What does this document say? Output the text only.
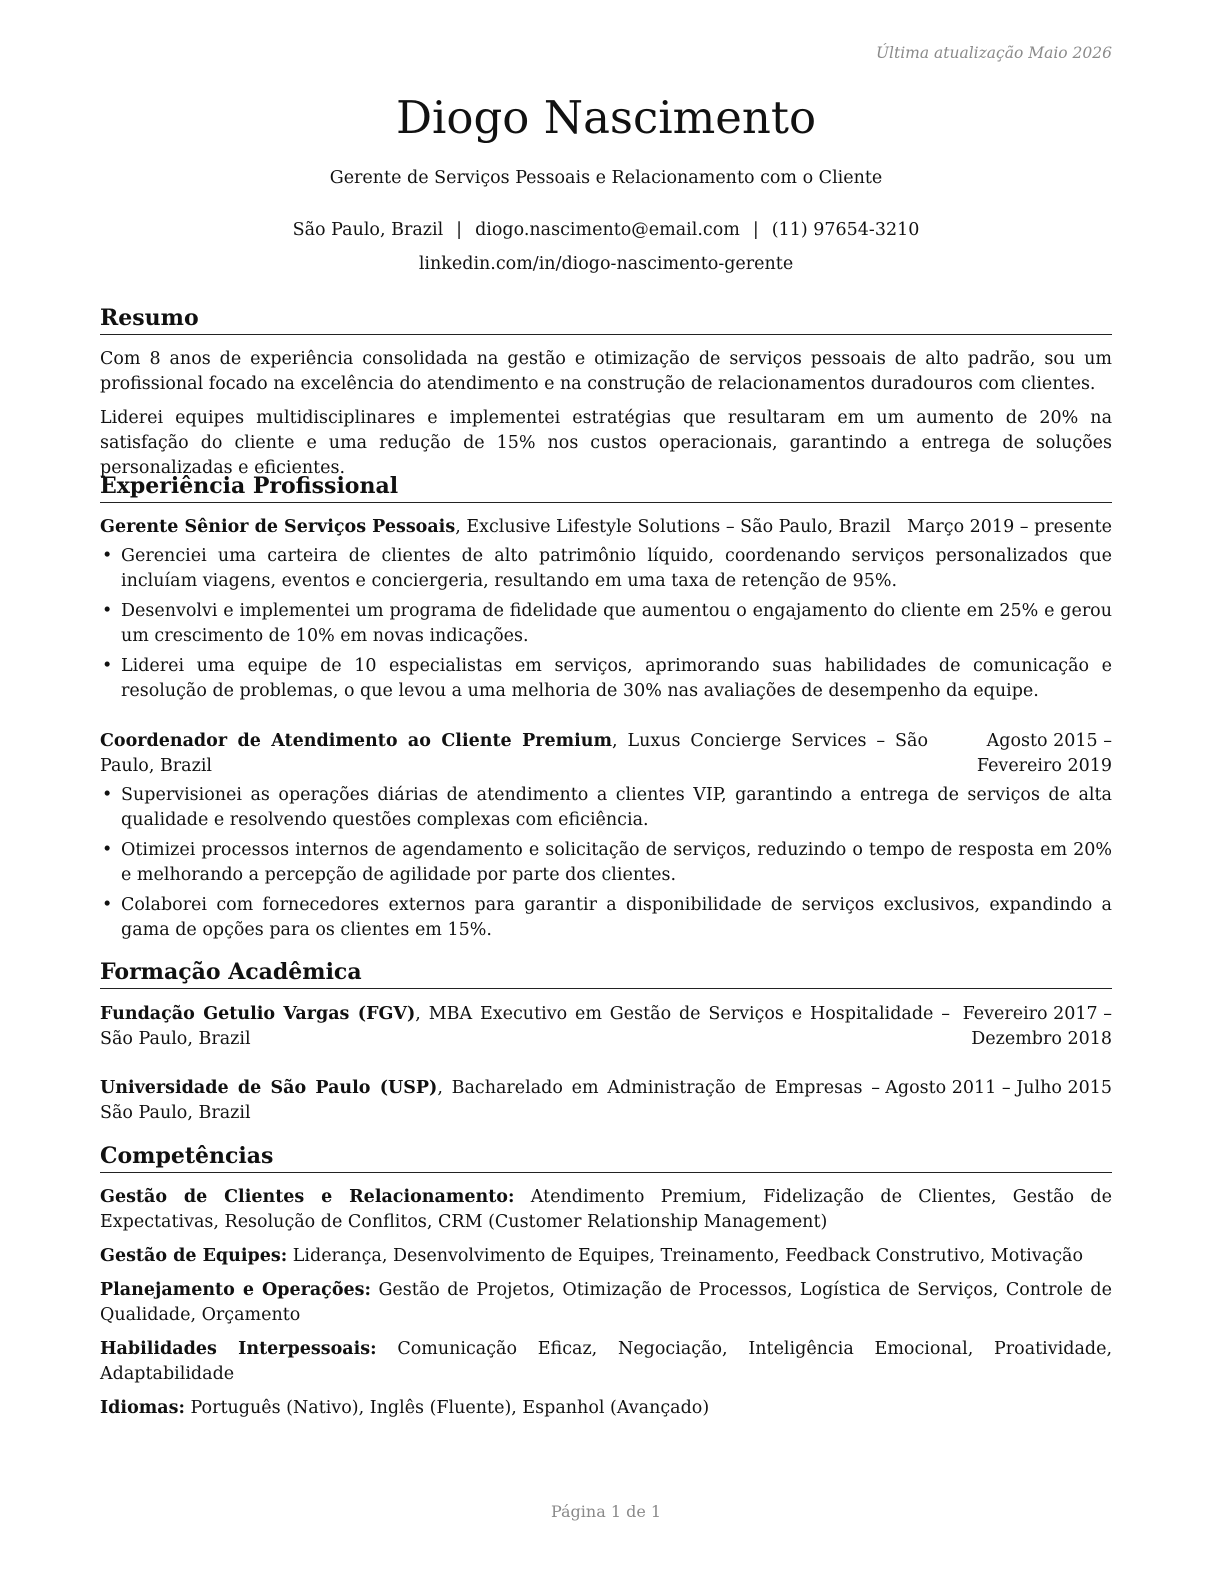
Última atualização Maio 2026
Diogo Nascimento
Gerente de Serviços Pessoais e Relacionamento com o Cliente
São Paulo, Brazil | diogo.nascimento@email.com | (11) 97654-3210
linkedin.com/in/diogo-nascimento-gerente
Resumo

Com 8 anos de experiência consolidada na gestão e otimização de serviços pessoais de alto padrão, sou um profissional focado na excelência do atendimento e na construção de relacionamentos duradouros com clientes.

Liderei equipes multidisciplinares e implementei estratégias que resultaram em um aumento de 20% na satisfação do cliente e uma redução de 15% nos custos operacionais, garantindo a entrega de soluções personalizadas e eficientes.

Experiência Profissional
Gerente Sênior de Serviços Pessoais, Exclusive Lifestyle Solutions – São Paulo, Brazil Março 2019 – presente
• Gerenciei uma carteira de clientes de alto patrimônio líquido, coordenando serviços personalizados que incluíam viagens, eventos e conciergeria, resultando em uma taxa de retenção de 95%.
• Desenvolvi e implementei um programa de fidelidade que aumentou o engajamento do cliente em 25% e gerou um crescimento de 10% em novas indicações.
• Liderei uma equipe de 10 especialistas em serviços, aprimorando suas habilidades de comunicação e resolução de problemas, o que levou a uma melhoria de 30% nas avaliações de desempenho da equipe.
Coordenador de Atendimento ao Cliente Premium, Luxus Concierge Services – São Paulo, Brazil
Agosto 2015 – Fevereiro 2019
• Supervisionei as operações diárias de atendimento a clientes VIP, garantindo a entrega de serviços de alta qualidade e resolvendo questões complexas com eficiência.
• Otimizei processos internos de agendamento e solicitação de serviços, reduzindo o tempo de resposta em 20% e melhorando a percepção de agilidade por parte dos clientes.
• Colaborei com fornecedores externos para garantir a disponibilidade de serviços exclusivos, expandindo a gama de opções para os clientes em 15%.
Formação Acadêmica
Fundação Getulio Vargas (FGV), MBA Executivo em Gestão de Serviços e Hospitalidade – São Paulo, Brazil
Fevereiro 2017 – Dezembro 2018
Universidade de São Paulo (USP), Bacharelado em Administração de Empresas – São Paulo, Brazil
Agosto 2011 – Julho 2015
Competências
Gestão de Clientes e Relacionamento: Atendimento Premium, Fidelização de Clientes, Gestão de Expectativas, Resolução de Conflitos, CRM (Customer Relationship Management)
Gestão de Equipes: Liderança, Desenvolvimento de Equipes, Treinamento, Feedback Construtivo, Motivação
Planejamento e Operações: Gestão de Projetos, Otimização de Processos, Logística de Serviços, Controle de Qualidade, Orçamento
Habilidades Interpessoais: Comunicação Eficaz, Negociação, Inteligência Emocional, Proatividade, Adaptabilidade
Idiomas: Português (Nativo), Inglês (Fluente), Espanhol (Avançado)
Página 1 de 1
